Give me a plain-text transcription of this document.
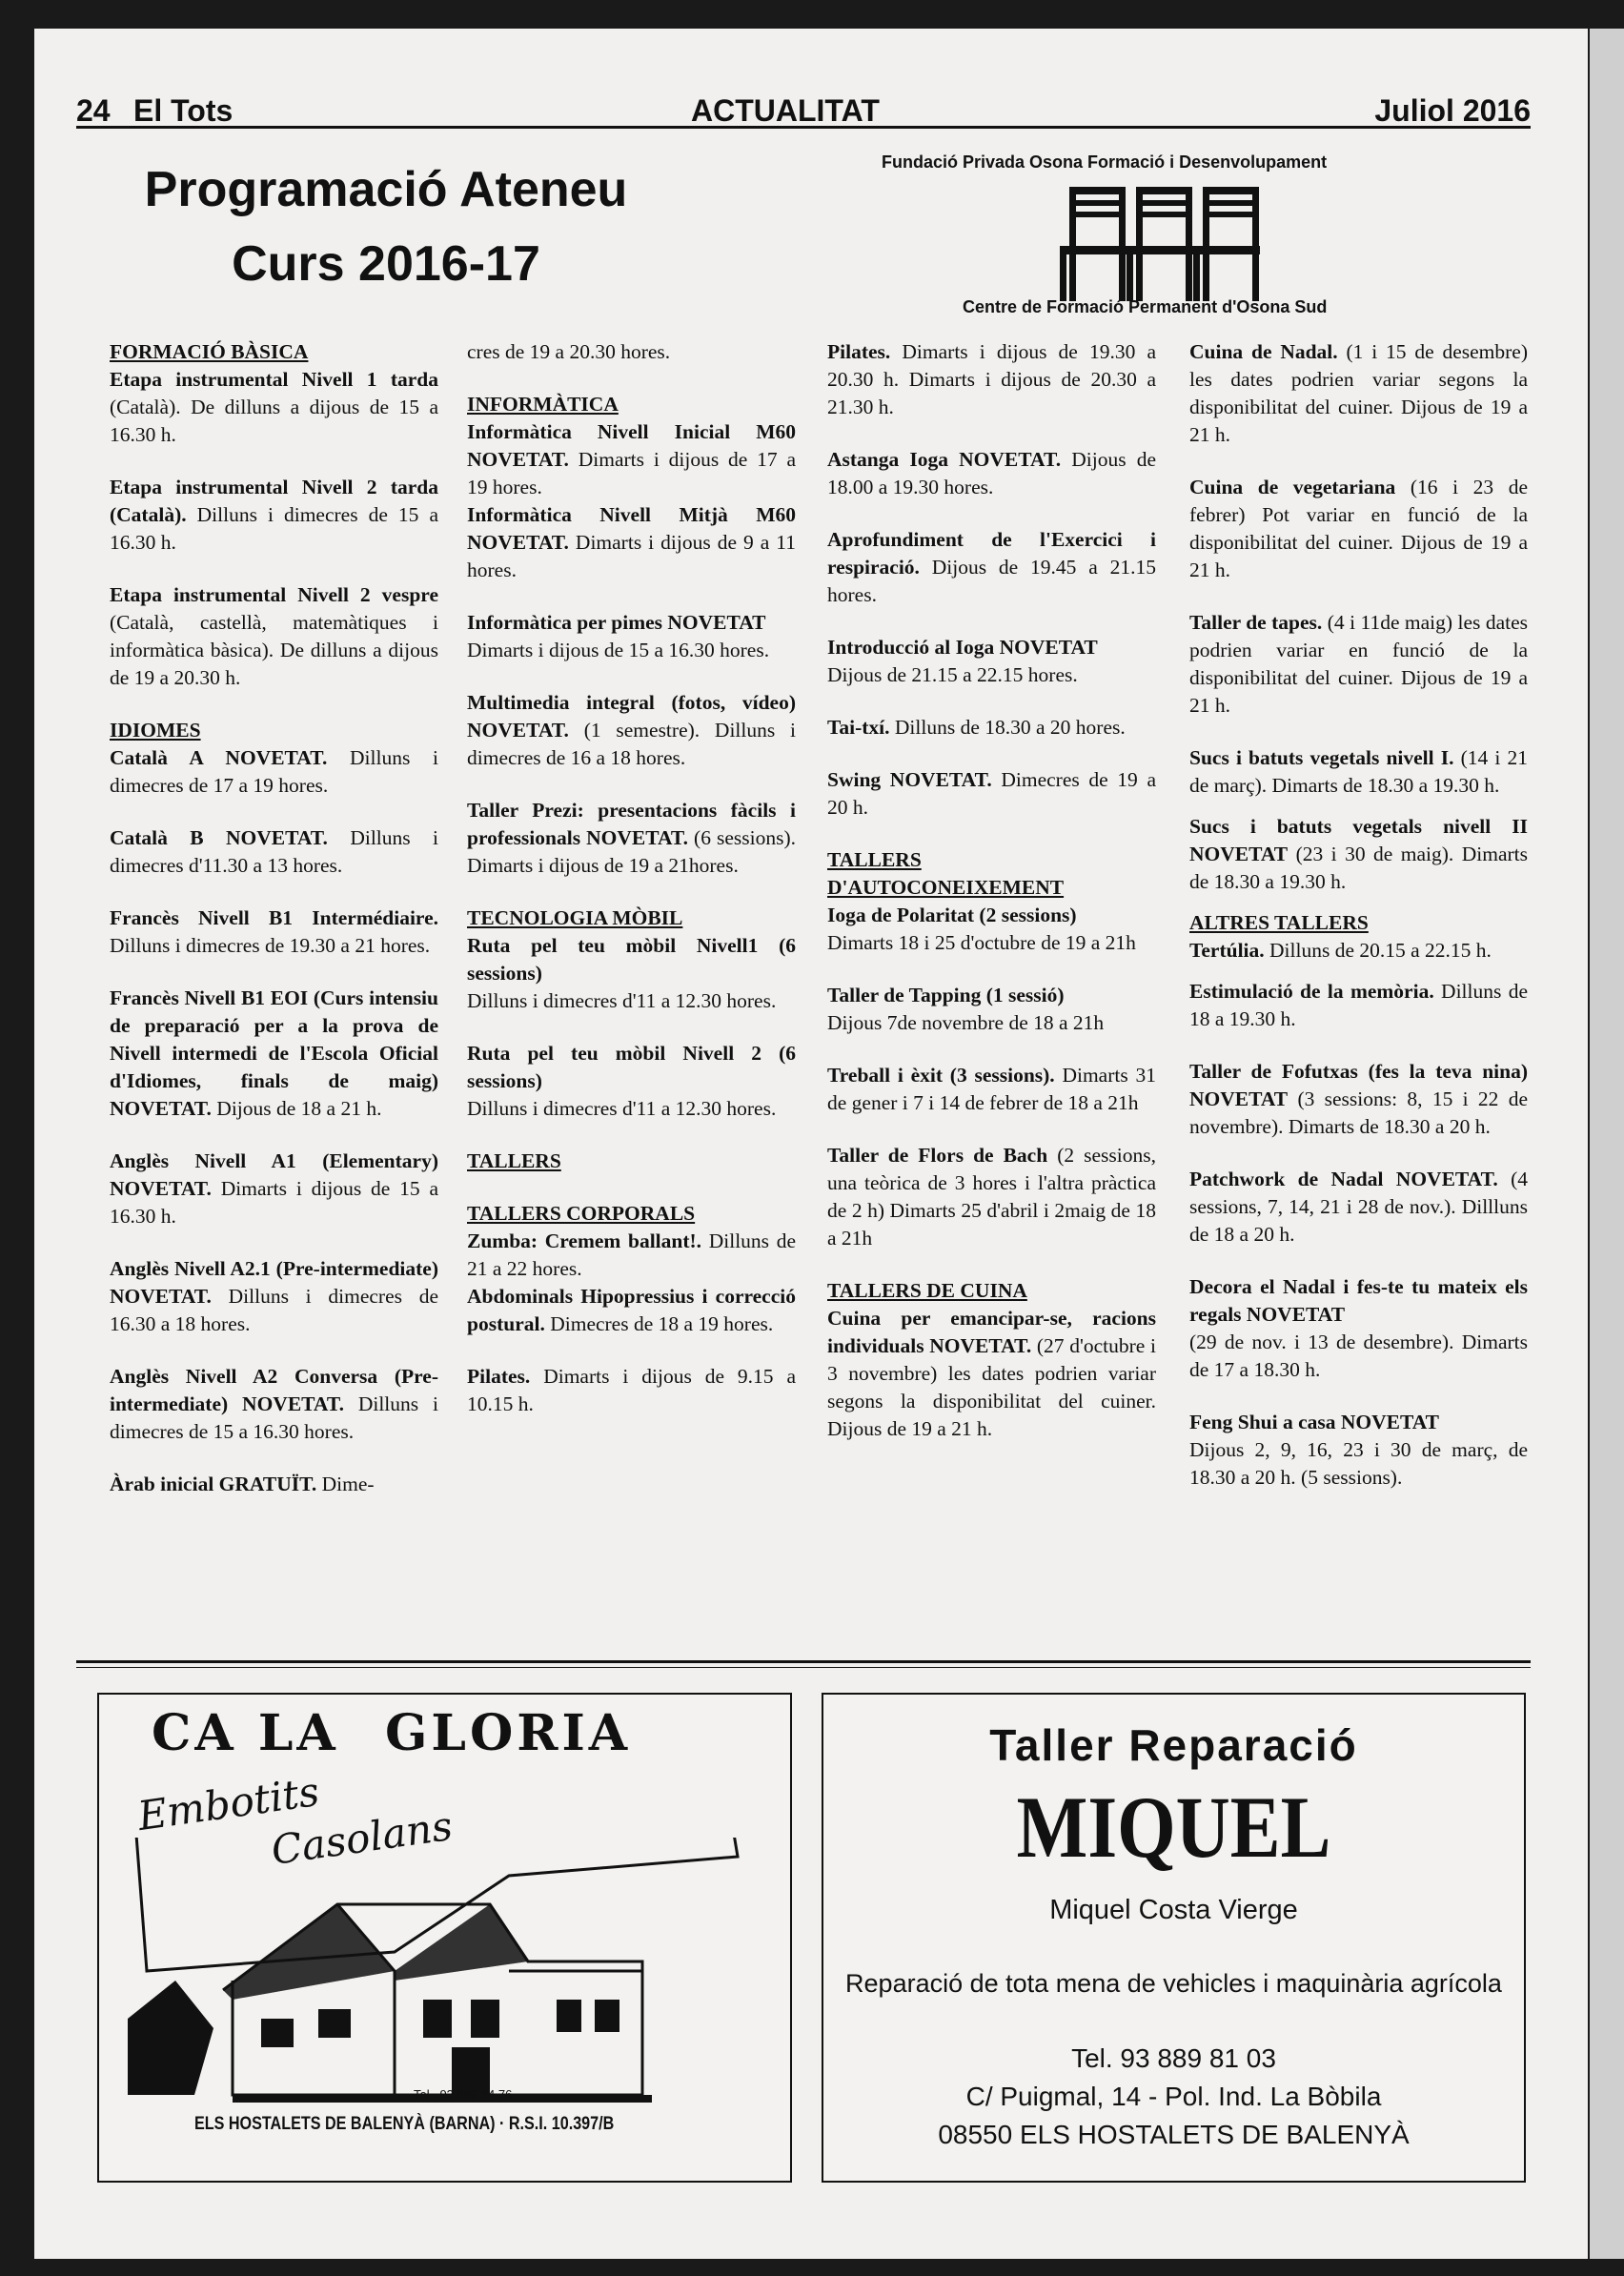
24 El Tots	ACTUALITAT	Juliol 2016
Programació Ateneu
Curs 2016-17
Fundació Privada Osona Formació i Desenvolupament
Centre de Formació Permanent d'Osona Sud

FORMACIÓ BÀSICA

Etapa instrumental Nivell 1 tarda (Català). De dilluns a dijous de 15 a 16.30 h.

Etapa instrumental Nivell 2 tarda (Català). Dilluns i dimecres de 15 a 16.30 h.

Etapa instrumental Nivell 2 vespre (Català, castellà, matemàtiques i informàtica bàsica). De dilluns a dijous de 19 a 20.30 h.

IDIOMES

Català A NOVETAT. Dilluns i dimecres de 17 a 19 hores.

Català B NOVETAT. Dilluns i dimecres d'11.30 a 13 hores.

Francès Nivell B1 Intermédiaire. Dilluns i dimecres de 19.30 a 21 hores.

Francès Nivell B1 EOI (Curs intensiu de preparació per a la prova de Nivell intermedi de l'Escola Oficial d'Idiomes, finals de maig) NOVETAT. Dijous de 18 a 21 h.

Anglès Nivell A1 (Elementary) NOVETAT. Dimarts i dijous de 15 a 16.30 h.

Anglès Nivell A2.1 (Pre-intermediate) NOVETAT. Dilluns i dimecres de 16.30 a 18 hores.

Anglès Nivell A2 Conversa (Pre-intermediate) NOVETAT. Dilluns i dimecres de 15 a 16.30 hores.

Àrab inicial GRATUÏT. Dime-

cres de 19 a 20.30 hores.

INFORMÀTICA

Informàtica Nivell Inicial M60 NOVETAT. Dimarts i dijous de 17 a 19 hores.

Informàtica Nivell Mitjà M60 NOVETAT. Dimarts i dijous de 9 a 11 hores.

Informàtica per pimes NOVETAT
Dimarts i dijous de 15 a 16.30 hores.

Multimedia integral (fotos, vídeo) NOVETAT. (1 semestre). Dilluns i dimecres de 16 a 18 hores.

Taller Prezi: presentacions fàcils i professionals NOVETAT. (6 sessions). Dimarts i dijous de 19 a 21hores.

TECNOLOGIA MÒBIL

Ruta pel teu mòbil Nivell1 (6 sessions)
Dilluns i dimecres d'11 a 12.30 hores.

Ruta pel teu mòbil Nivell 2 (6 sessions)
Dilluns i dimecres d'11 a 12.30 hores.

TALLERS

TALLERS CORPORALS

Zumba: Cremem ballant!. Dilluns de 21 a 22 hores.

Abdominals Hipopressius i correcció postural. Dimecres de 18 a 19 hores.

Pilates. Dimarts i dijous de 9.15 a 10.15 h.

Pilates. Dimarts i dijous de 19.30 a 20.30 h. Dimarts i dijous de 20.30 a 21.30 h.

Astanga Ioga NOVETAT. Dijous de 18.00 a 19.30 hores.

Aprofundiment de l'Exercici i respiració. Dijous de 19.45 a 21.15 hores.

Introducció al Ioga NOVETAT
Dijous de 21.15 a 22.15 hores.

Tai-txí. Dilluns de 18.30 a 20 hores.

Swing NOVETAT. Dimecres de 19 a 20 h.

TALLERS D'AUTOCONEIXEMENT

Ioga de Polaritat (2 sessions)
Dimarts 18 i 25 d'octubre de 19 a 21h

Taller de Tapping (1 sessió)
Dijous 7de novembre de 18 a 21h

Treball i èxit (3 sessions). Dimarts 31 de gener i 7 i 14 de febrer de 18 a 21h

Taller de Flors de Bach (2 sessions, una teòrica de 3 hores i l'altra pràctica de 2 h) Dimarts 25 d'abril i 2maig de 18 a 21h

TALLERS DE CUINA

Cuina per emancipar-se, racions individuals NOVETAT. (27 d'octubre i 3 novembre) les dates podrien variar segons la disponibilitat del cuiner. Dijous de 19 a 21 h.

Cuina de Nadal. (1 i 15 de desembre) les dates podrien variar segons la disponibilitat del cuiner. Dijous de 19 a 21 h.

Cuina de vegetariana (16 i 23 de febrer) Pot variar en funció de la disponibilitat del cuiner. Dijous de 19 a 21 h.

Taller de tapes. (4 i 11de maig) les dates podrien variar en funció de la disponibilitat del cuiner. Dijous de 19 a 21 h.

Sucs i batuts vegetals nivell I. (14 i 21 de març). Dimarts de 18.30 a 19.30 h.

Sucs i batuts vegetals nivell II NOVETAT (23 i 30 de maig). Dimarts de 18.30 a 19.30 h.

ALTRES TALLERS

Tertúlia. Dilluns de 20.15 a 22.15 h.

Estimulació de la memòria. Dilluns de 18 a 19.30 h.

Taller de Fofutxas (fes la teva nina) NOVETAT (3 sessions: 8, 15 i 22 de novembre). Dimarts de 18.30 a 20 h.

Patchwork de Nadal NOVETAT. (4 sessions, 7, 14, 21 i 28 de nov.). Dillluns de 18 a 20 h.

Decora el Nadal i fes-te tu mateix els regals NOVETAT
(29 de nov. i 13 de desembre). Dimarts de 17 a 18.30 h.

Feng Shui a casa NOVETAT
Dijous 2, 9, 16, 23 i 30 de març, de 18.30 a 20 h. (5 sessions).

CA LA GLORIA
Embotits
Casolans
Tel . 93 889 84 76
ELS HOSTALETS DE BALENYÀ (BARNA) · R.S.I. 10.397/B
Taller Reparació
MIQUEL
Miquel Costa Vierge
Reparació de tota mena de vehicles i maquinària agrícola
Tel. 93 889 81 03
C/ Puigmal, 14 - Pol. Ind. La Bòbila
08550 ELS HOSTALETS DE BALENYÀ
